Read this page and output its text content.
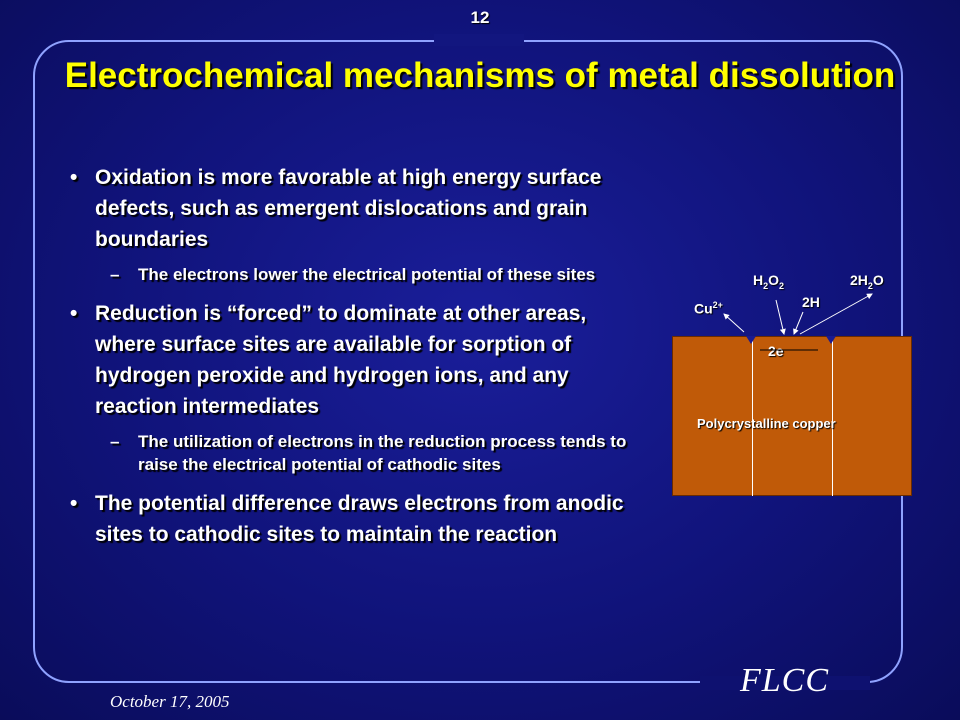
12
Electrochemical mechanisms of metal dissolution
• Oxidation is more favorable at high energy surface defects, such as emergent dislocations and grain boundaries
– The electrons lower the electrical potential of these sites
• Reduction is “forced” to dominate at other areas, where surface sites are available for sorption of hydrogen peroxide and hydrogen ions, and any reaction intermediates
– The utilization of electrons in the reduction process tends to raise the electrical potential of cathodic sites
• The potential difference draws electrons from anodic sites to cathodic sites to maintain the reaction
$Cu^{2+}$
$H_2O_2$
2H
$2H_2O$
Polycrystalline copper
2e
October 17, 2005
FLCC
